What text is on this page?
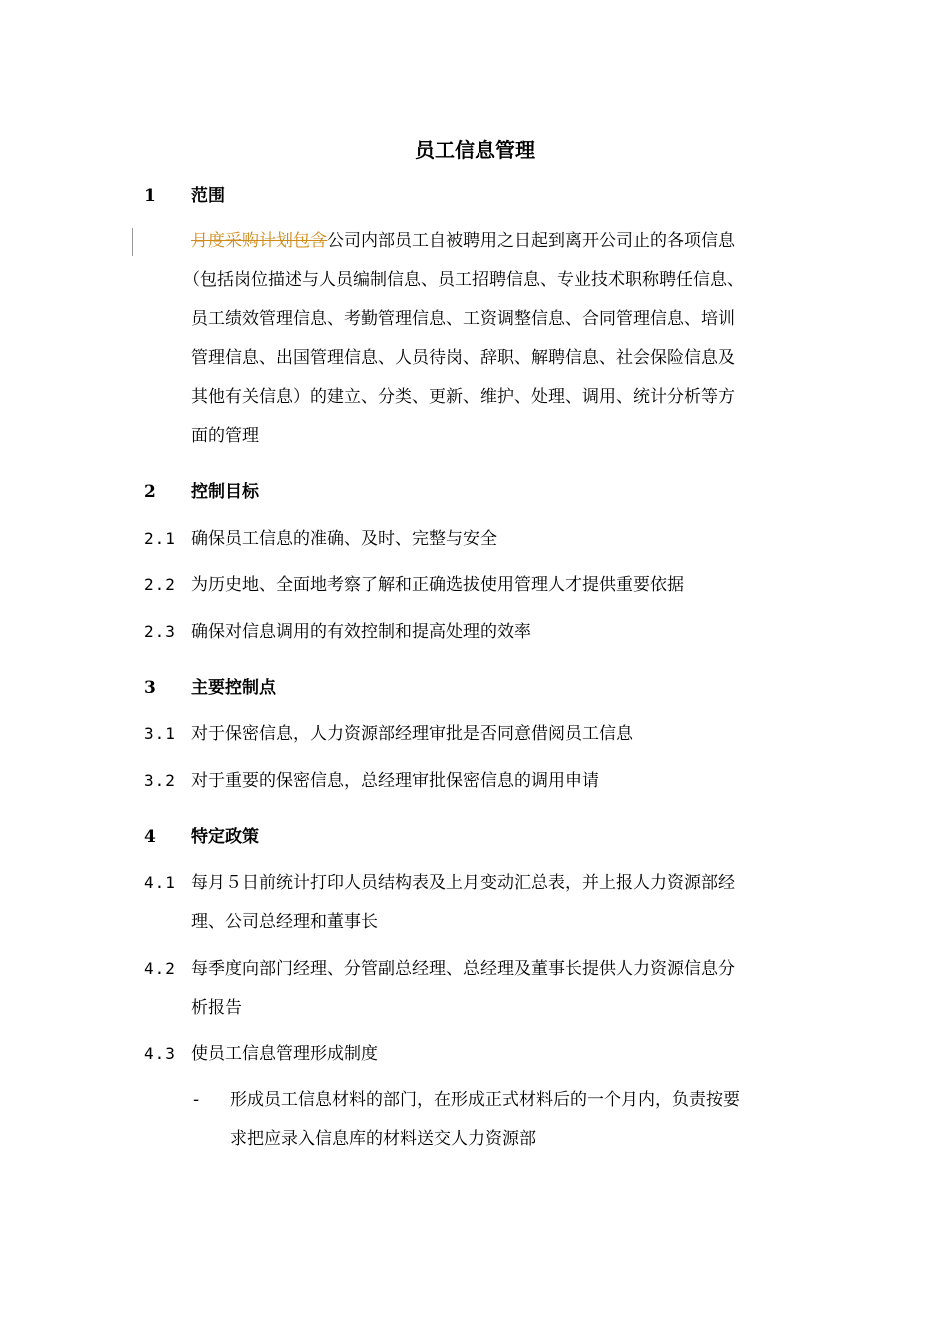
员工信息管理
1 范围
月度采购计划包含公司内部员工自被聘用之日起到离开公司止的各项信息
（包括岗位描述与人员编制信息、员工招聘信息、专业技术职称聘任信息、
员工绩效管理信息、考勤管理信息、工资调整信息、合同管理信息、培训
管理信息、出国管理信息、人员待岗、辞职、解聘信息、社会保险信息及
其他有关信息）的建立、分类、更新、维护、处理、调用、统计分析等方
面的管理
2 控制目标
2.1 确保员工信息的准确、及时、完整与安全
2.2 为历史地、全面地考察了解和正确选拔使用管理人才提供重要依据
2.3 确保对信息调用的有效控制和提高处理的效率
3 主要控制点
3.1 对于保密信息，人力资源部经理审批是否同意借阅员工信息
3.2 对于重要的保密信息，总经理审批保密信息的调用申请
4 特定政策
4.1 每月５日前统计打印人员结构表及上月变动汇总表，并上报人力资源部经
理、公司总经理和董事长
4.2 每季度向部门经理、分管副总经理、总经理及董事长提供人力资源信息分
析报告
4.3 使员工信息管理形成制度
- 形成员工信息材料的部门，在形成正式材料后的一个月内，负责按要
求把应录入信息库的材料送交人力资源部
